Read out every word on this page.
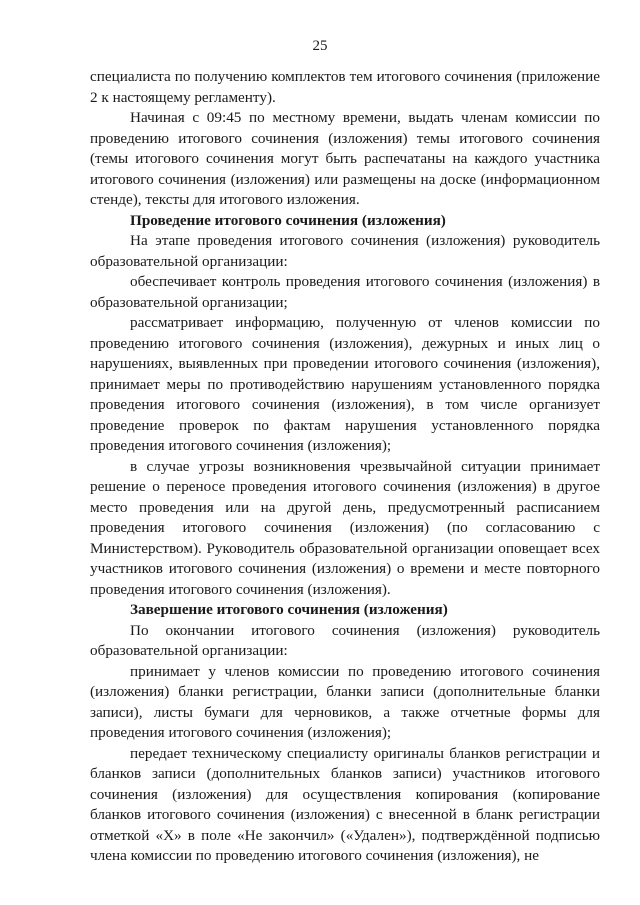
25

специалиста по получению комплектов тем итогового сочинения (приложение 2 к настоящему регламенту).

Начиная с 09:45 по местному времени, выдать членам комиссии по проведению итогового сочинения (изложения) темы итогового сочинения (темы итогового сочинения могут быть распечатаны на каждого участника итогового сочинения (изложения) или размещены на доске (информационном стенде), тексты для итогового изложения.

Проведение итогового сочинения (изложения)

На этапе проведения итогового сочинения (изложения) руководитель образовательной организации:

обеспечивает контроль проведения итогового сочинения (изложения) в образовательной организации;

рассматривает информацию, полученную от членов комиссии по проведению итогового сочинения (изложения), дежурных и иных лиц о нарушениях, выявленных при проведении итогового сочинения (изложения), принимает меры по противодействию нарушениям установленного порядка проведения итогового сочинения (изложения), в том числе организует проведение проверок по фактам нарушения установленного порядка проведения итогового сочинения (изложения);

в случае угрозы возникновения чрезвычайной ситуации принимает решение о переносе проведения итогового сочинения (изложения) в другое место проведения или на другой день, предусмотренный расписанием проведения итогового сочинения (изложения) (по согласованию с Министерством). Руководитель образовательной организации оповещает всех участников итогового сочинения (изложения) о времени и месте повторного проведения итогового сочинения (изложения).

Завершение итогового сочинения (изложения)

По окончании итогового сочинения (изложения) руководитель образовательной организации:

принимает у членов комиссии по проведению итогового сочинения (изложения) бланки регистрации, бланки записи (дополнительные бланки записи), листы бумаги для черновиков, а также отчетные формы для проведения итогового сочинения (изложения);

передает техническому специалисту оригиналы бланков регистрации и бланков записи (дополнительных бланков записи) участников итогового сочинения (изложения) для осуществления копирования (копирование бланков итогового сочинения (изложения) с внесенной в бланк регистрации отметкой «Х» в поле «Не закончил» («Удален»), подтверждённой подписью члена комиссии по проведению итогового сочинения (изложения), не
